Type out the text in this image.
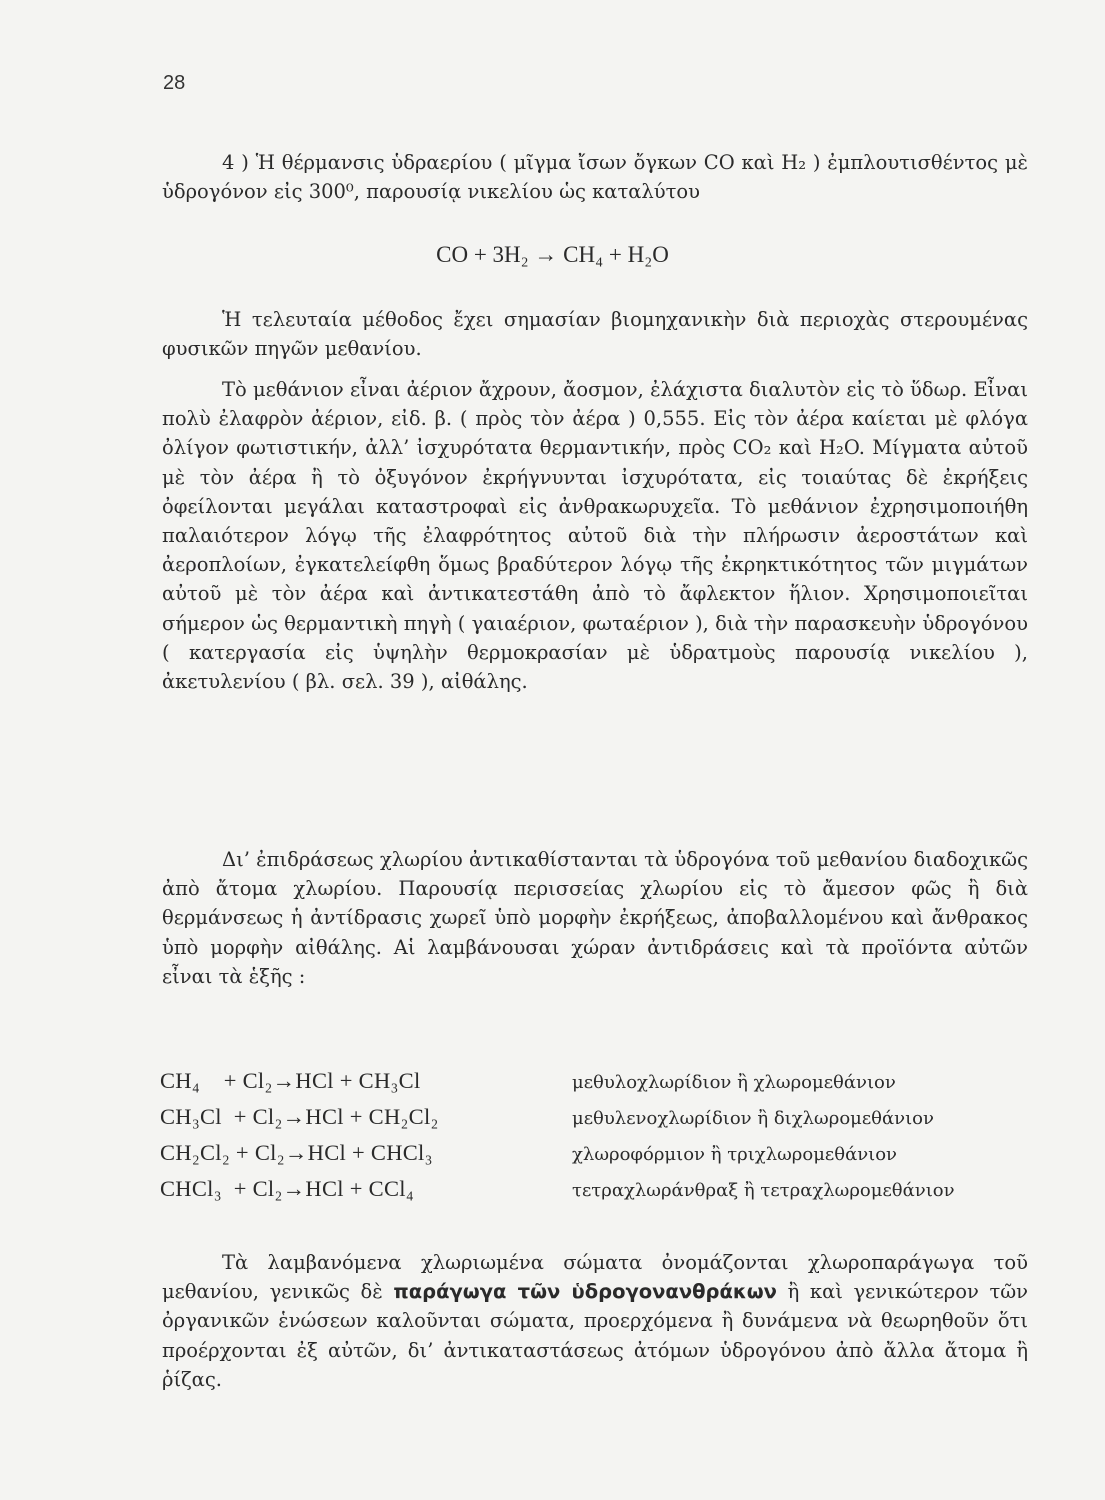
28

4 ) Ἡ θέρμανσις ὑδραερίου ( μῖγμα ἴσων ὄγκων CO καὶ H₂ ) ἐμπλουτισθέντος μὲ ὑδρογόνον εἰς 300⁰, παρουσίᾳ νικελίου ὡς καταλύτου

CO + 3H₂ → CH₄ + H₂O

Ἡ τελευταία μέθοδος ἔχει σημασίαν βιομηχανικὴν διὰ περιοχὰς στερουμένας φυσικῶν πηγῶν μεθανίου.

Τὸ μεθάνιον εἶναι ἀέριον ἄχρουν, ἄοσμον, ἐλάχιστα διαλυτὸν εἰς τὸ ὕδωρ. Εἶναι πολὺ ἐλαφρὸν ἀέριον, εἰδ. β. ( πρὸς τὸν ἀέρα ) 0,555. Εἰς τὸν ἀέρα καίεται μὲ φλόγα ὀλίγον φωτιστικήν, ἀλλ’ ἰσχυρότατα θερμαντικήν, πρὸς CO₂ καὶ H₂O. Μίγματα αὐτοῦ μὲ τὸν ἀέρα ἢ τὸ ὀξυγόνον ἐκρήγνυνται ἰσχυρότατα, εἰς τοιαύτας δὲ ἐκρήξεις ὀφείλονται μεγάλαι καταστροφαὶ εἰς ἀνθρακωρυχεῖα. Τὸ μεθάνιον ἐχρησιμοποιήθη παλαιότερον λόγῳ τῆς ἐλαφρότητος αὐτοῦ διὰ τὴν πλήρωσιν ἀεροστάτων καὶ ἀεροπλοίων, ἐγκατελείφθη ὅμως βραδύτερον λόγῳ τῆς ἐκρηκτικότητος τῶν μιγμάτων αὐτοῦ μὲ τὸν ἀέρα καὶ ἀντικατεστάθη ἀπὸ τὸ ἄφλεκτον ἥλιον. Χρησιμοποιεῖται σήμερον ὡς θερμαντικὴ πηγὴ ( γαιαέριον, φωταέριον ), διὰ τὴν παρασκευὴν ὑδρογόνου ( κατεργασία εἰς ὑψηλὴν θερμοκρασίαν μὲ ὑδρατμοὺς παρουσίᾳ νικελίου ), ἀκετυλενίου ( βλ. σελ. 39 ), αἰθάλης.

Δι’ ἐπιδράσεως χλωρίου ἀντικαθίστανται τὰ ὑδρογόνα τοῦ μεθανίου διαδοχικῶς ἀπὸ ἄτομα χλωρίου. Παρουσίᾳ περισσείας χλωρίου εἰς τὸ ἄμεσον φῶς ἢ διὰ θερμάνσεως ἡ ἀντίδρασις χωρεῖ ὑπὸ μορφὴν ἐκρήξεως, ἀποβαλλομένου καὶ ἄνθρακος ὑπὸ μορφὴν αἰθάλης. Αἱ λαμβάνουσαι χώραν ἀντιδράσεις καὶ τὰ προϊόντα αὐτῶν εἶναι τὰ ἑξῆς :

CH₄    + Cl₂→HCl + CH₃Cl	μεθυλοχλωρίδιον ἢ χλωρομεθάνιον
CH₃Cl  + Cl₂→HCl + CH₂Cl₂	μεθυλενοχλωρίδιον ἢ διχλωρομεθάνιον
CH₂Cl₂ + Cl₂→HCl + CHCl₃	χλωροφόρμιον ἢ τριχλωρομεθάνιον
CHCl₃  + Cl₂→HCl + CCl₄	τετραχλωράνθραξ ἢ τετραχλωρομεθάνιον

Τὰ λαμβανόμενα χλωριωμένα σώματα ὀνομάζονται χλωροπαράγωγα τοῦ μεθανίου, γενικῶς δὲ παράγωγα τῶν ὑδρογονανθράκων ἢ καὶ γενικώτερον τῶν ὀργανικῶν ἑνώσεων καλοῦνται σώματα, προερχόμενα ἢ δυνάμενα νὰ θεωρηθοῦν ὅτι προέρχονται ἐξ αὐτῶν, δι’ ἀντικαταστάσεως ἀτόμων ὑδρογόνου ἀπὸ ἄλλα ἄτομα ἢ ῥίζας.
